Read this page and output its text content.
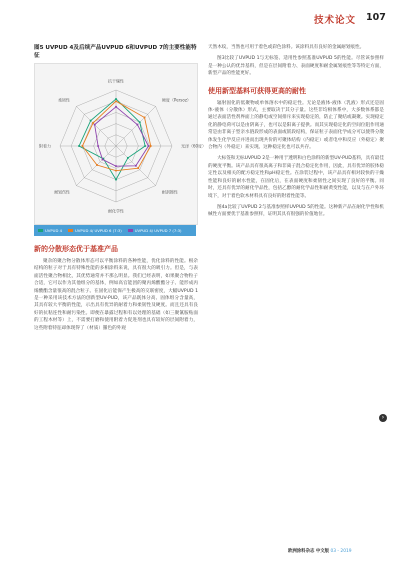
技术论文 107
图5 UVPUD 4及后续产品UVPUD 6和UVPUD 7的主要性能特征
抗干燥性
硬度（Persoz）
光泽（60度）
耐刮擦性
耐化学性
耐划伤性
附着力
柔韧性
UVPUD 4	UVPUD 4/ UVPUD 6 (7:3)	UVPUD 4/ UVPUD 7 (7:3)
新的分散形态优于基准产品

聚杂的聚合物分散体形态可以平衡涂料的各种性能，优化涂料的性能。根杂结构的粒子对于具有特殊性能的多相涂料来说，具有很大的吸引力。但是，与表面活性聚合物相比，其优势通常并不那么明显。我们已经表明，如果聚合物粒子合适，它可以作为其他组分的基体，例如高官能团的聚丙烯酸酯分子、能形成丙烯酸酯含量很高的混合粒子。在固化后能保产生极高的交联密度，大幅UVPUD 1是一种采用该技术方法的创新型UV-PUD，该产品既体分高、固体组分含量高，其具有较大平衡的性能，示出具有优异的耐着力和柔韧性及硬度。而且还具有良好的抗粘连性和耐污染性。即便在暴露过程和有以处理的基础（如三聚氰胺贴面的工程木材等）上，不需要打磨和使用附着力促进剂也具有较好的层间附着力，这些附着特征却体现得了（材质）羅色的外观

天然木纹，当然也可用于着色或彩色涂料。该涂料具有良好的金属耐划痕性。

图3比较了UVPUD 1与无标签、适用性参照基准UVPUD 5的性能。尽管该参照样是一种公认的优异基料，但是在层间附着力、表面硬度和耐金属划痕性等等特定方面，新型产品的性能更好。

使用新型基料可获得更高的耐性

辐射固化的低聚物或单体溶水中的稳定性。无论是液体-液体（乳液）形式还是固体-液体（分散体）形式，主要取决于其分子量。这些非均相体系中，大多数体系都是通过表面活性剂界面上的静电或空间排斥来实现稳定的，防止了聚结或凝聚。实现稳定化的静电荷可以是由阴离子，也可以是阳离子提供。而其实现稳定化的空间位阻作用通常是由非离子型亲水链段形成的表面或嵌段结构，保证粒子表面化学成分可以使得分散体发生化学反应并进而出现共价的可聚体结构（内稳定）或者电中和反应（外稳定）聚合物内（外稳定）来实现。这种稳定化也可以共存。

大标签和无标UVPUD 2是一种用于透明和白色涂料的新型UV-PUD基料，具有最佳的硬度平衡。该产品具有很高离子和非离子混合稳定化作用，因此，具有优异的胶体稳定性以及相关的配方稳定性和pH稳定性。在涂装过程中，该产品具有相对较快的干燥性能和良好的耐水性能，在固化后，在表面硬度和柔韧性之间实现了良好的平衡。同时，还具有优异的耐化学品性，包括乙醇的耐化学品性和耐黄变性能，以及与在户外环境下，对于着色软木材料具有良好的附着性能等。

图4a比较了UVPUD 2与基准参照样UVPUD 5的性能。这种新产品在耐化学性和机械性方面要优于基准参照样，证明其具有很强的价值地位。

›
欧洲涂料杂志 中文版 03 - 2019
